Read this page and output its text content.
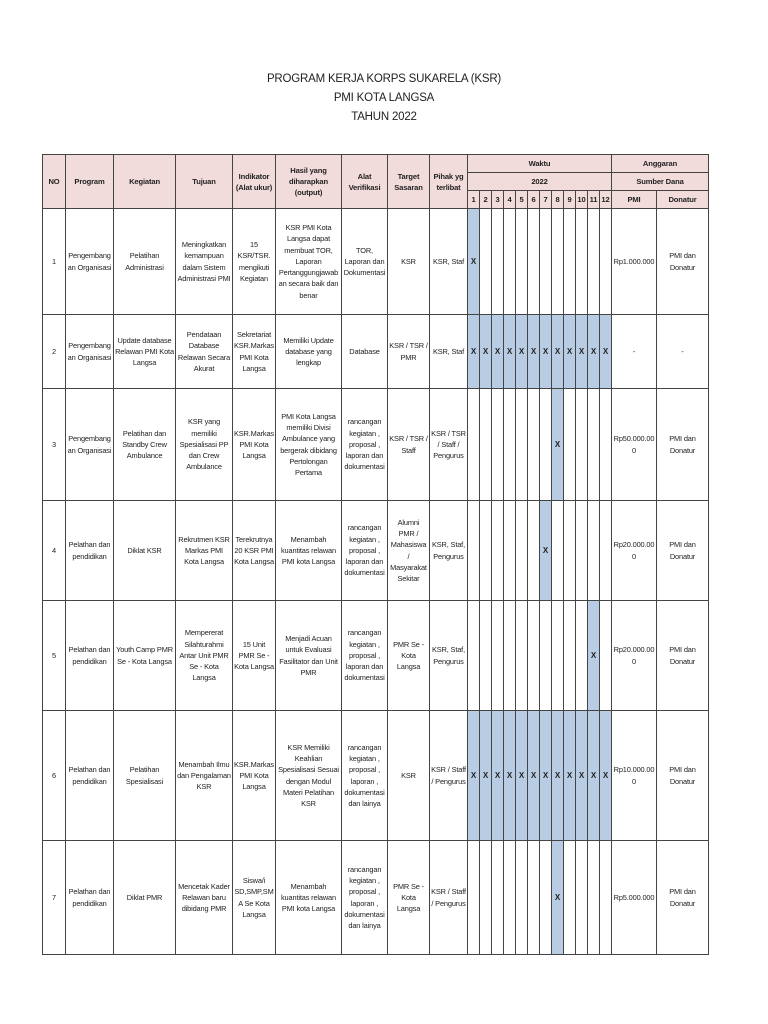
PROGRAM KERJA KORPS SUKARELA (KSR)
PMI KOTA LANGSA
TAHUN 2022
NO	Program	Kegiatan	Tujuan	Indikator (Alat ukur)	Hasil yang diharapkan (output)	Alat Verifikasi	Target Sasaran	Pihak yg terlibat	Waktu												Anggaran	
									2022												Sumber Dana	
									1	2	3	4	5	6	7	8	9	10	11	12	PMI	Donatur
1	Pengembangan Organisasi	Pelatihan Administrasi	Meningkatkan kemampuan dalam Sistem Administrasi PMI	15 KSR/TSR. mengikuti Kegiatan	KSR PMI Kota Langsa dapat membuat TOR, Laporan Pertanggungjawaban secara baik dan benar	TOR, Laporan dan Dokumentasi	KSR	KSR, Staf	X												Rp1.000.000	PMI dan Donatur
2	Pengembangan Organisasi	Update database Relawan PMI Kota Langsa	Pendataan Database Relawan Secara Akurat	Sekretariat KSR.Markas PMI Kota Langsa	Memiliki Update database yang lengkap	Database	KSR / TSR / PMR	KSR, Staf	X	X	X	X	X	X	X	X	X	X	X	X	-	-
3	Pengembangan Organisasi	Pelatihan dan Standby Crew Ambulance	KSR yang memiliki Spesialisasi PP dan Crew Ambulance	KSR.Markas PMI Kota Langsa	PMI Kota Langsa memiliki Divisi Ambulance yang bergerak dibidang Pertolongan Pertama	rancangan kegiatan , proposal , laporan dan dokumentasi	KSR / TSR / Staff	KSR / TSR / Staff / Pengurus								X					Rp50.000.000	PMI dan Donatur
4	Pelathan dan pendidikan	Diklat KSR	Rekrutmen KSR Markas PMI Kota Langsa	Terekrutnya 20 KSR PMI Kota Langsa	Menambah kuantitas relawan PMI kota Langsa	rancangan kegiatan , proposal , laporan dan dokumentasi	Alumni PMR / Mahasiswa / Masyarakat Sekitar	KSR, Staf, Pengurus							X						Rp20.000.000	PMI dan Donatur
5	Pelathan dan pendidikan	Youth Camp PMR Se - Kota Langsa	Mempererat Silahturahmi Antar Unit PMR Se - Kota Langsa	15 Unit PMR Se - Kota Langsa	Menjadi Acuan untuk Evaluasi Fasilitator dan Unit PMR	rancangan kegiatan , proposal , laporan dan dokumentasi	PMR Se - Kota Langsa	KSR, Staf, Pengurus											X		Rp20.000.000	PMI dan Donatur
6	Pelathan dan pendidikan	Pelatihan Spesialisasi	Menambah Ilmu dan Pengalaman KSR	KSR.Markas PMI Kota Langsa	KSR Memiliki Keahlian Spesialisasi Sesuai dengan Modul Materi Pelatihan KSR	rancangan kegiatan , proposal , laporan , dokumentasi dan lainya	KSR	KSR / Staff / Pengurus	X	X	X	X	X	X	X	X	X	X	X	X	Rp10.000.000	PMI dan Donatur
7	Pelathan dan pendidikan	Diklat PMR	Mencetak Kader Relawan baru dibidang PMR	Siswa/i SD,SMP,SMA Se Kota Langsa	Menambah kuantitas relawan PMI kota Langsa	rancangan kegiatan , proposal , laporan , dokumentasi dan lainya	PMR Se - Kota Langsa	KSR / Staff / Pengurus								X					Rp5.000.000	PMI dan Donatur
